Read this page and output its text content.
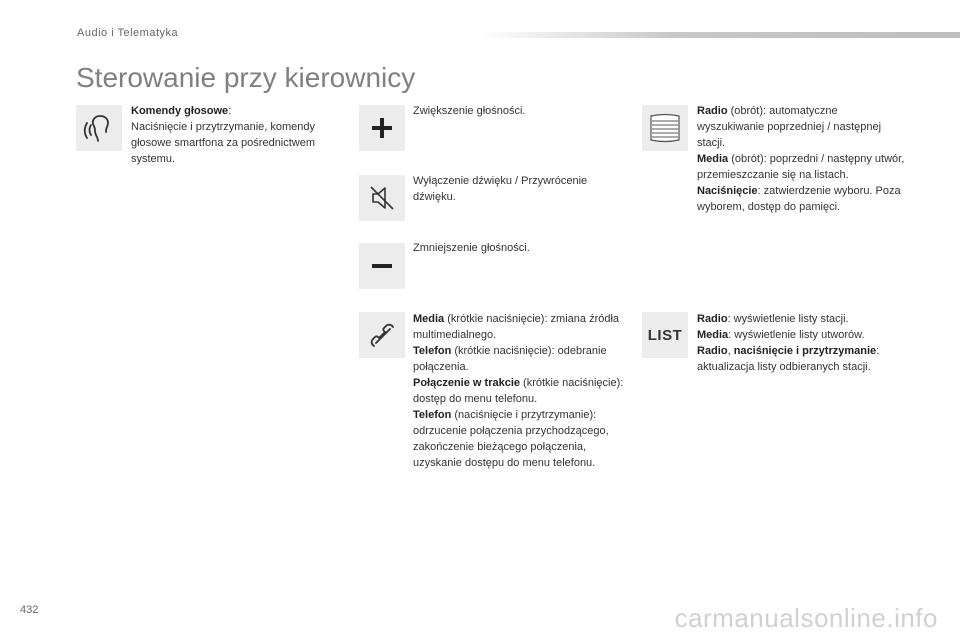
Audio i Telematyka
Sterowanie przy kierownicy

Komendy głosowe:

Naciśnięcie i przytrzymanie, komendy głosowe smartfona za pośrednictwem systemu.

Zwiększenie głośności.

Wyłączenie dźwięku / Przywrócenie dźwięku.

Zmniejszenie głośności.

Radio (obrót): automatyczne wyszukiwanie poprzedniej / następnej stacji.

Media (obrót): poprzedni / następny utwór, przemieszczanie się na listach.

Naciśnięcie: zatwierdzenie wyboru. Poza wyborem, dostęp do pamięci.

Media (krótkie naciśnięcie): zmiana źródła multimedialnego.

Telefon (krótkie naciśnięcie): odebranie połączenia.

Połączenie w trakcie (krótkie naciśnięcie): dostęp do menu telefonu.

Telefon (naciśnięcie i przytrzymanie): odrzucenie połączenia przychodzącego, zakończenie bieżącego połączenia, uzyskanie dostępu do menu telefonu.

LIST

Radio: wyświetlenie listy stacji.

Media: wyświetlenie listy utworów.

Radio, naciśnięcie i przytrzymanie: aktualizacja listy odbieranych stacji.

432	carmanualsonline.info
